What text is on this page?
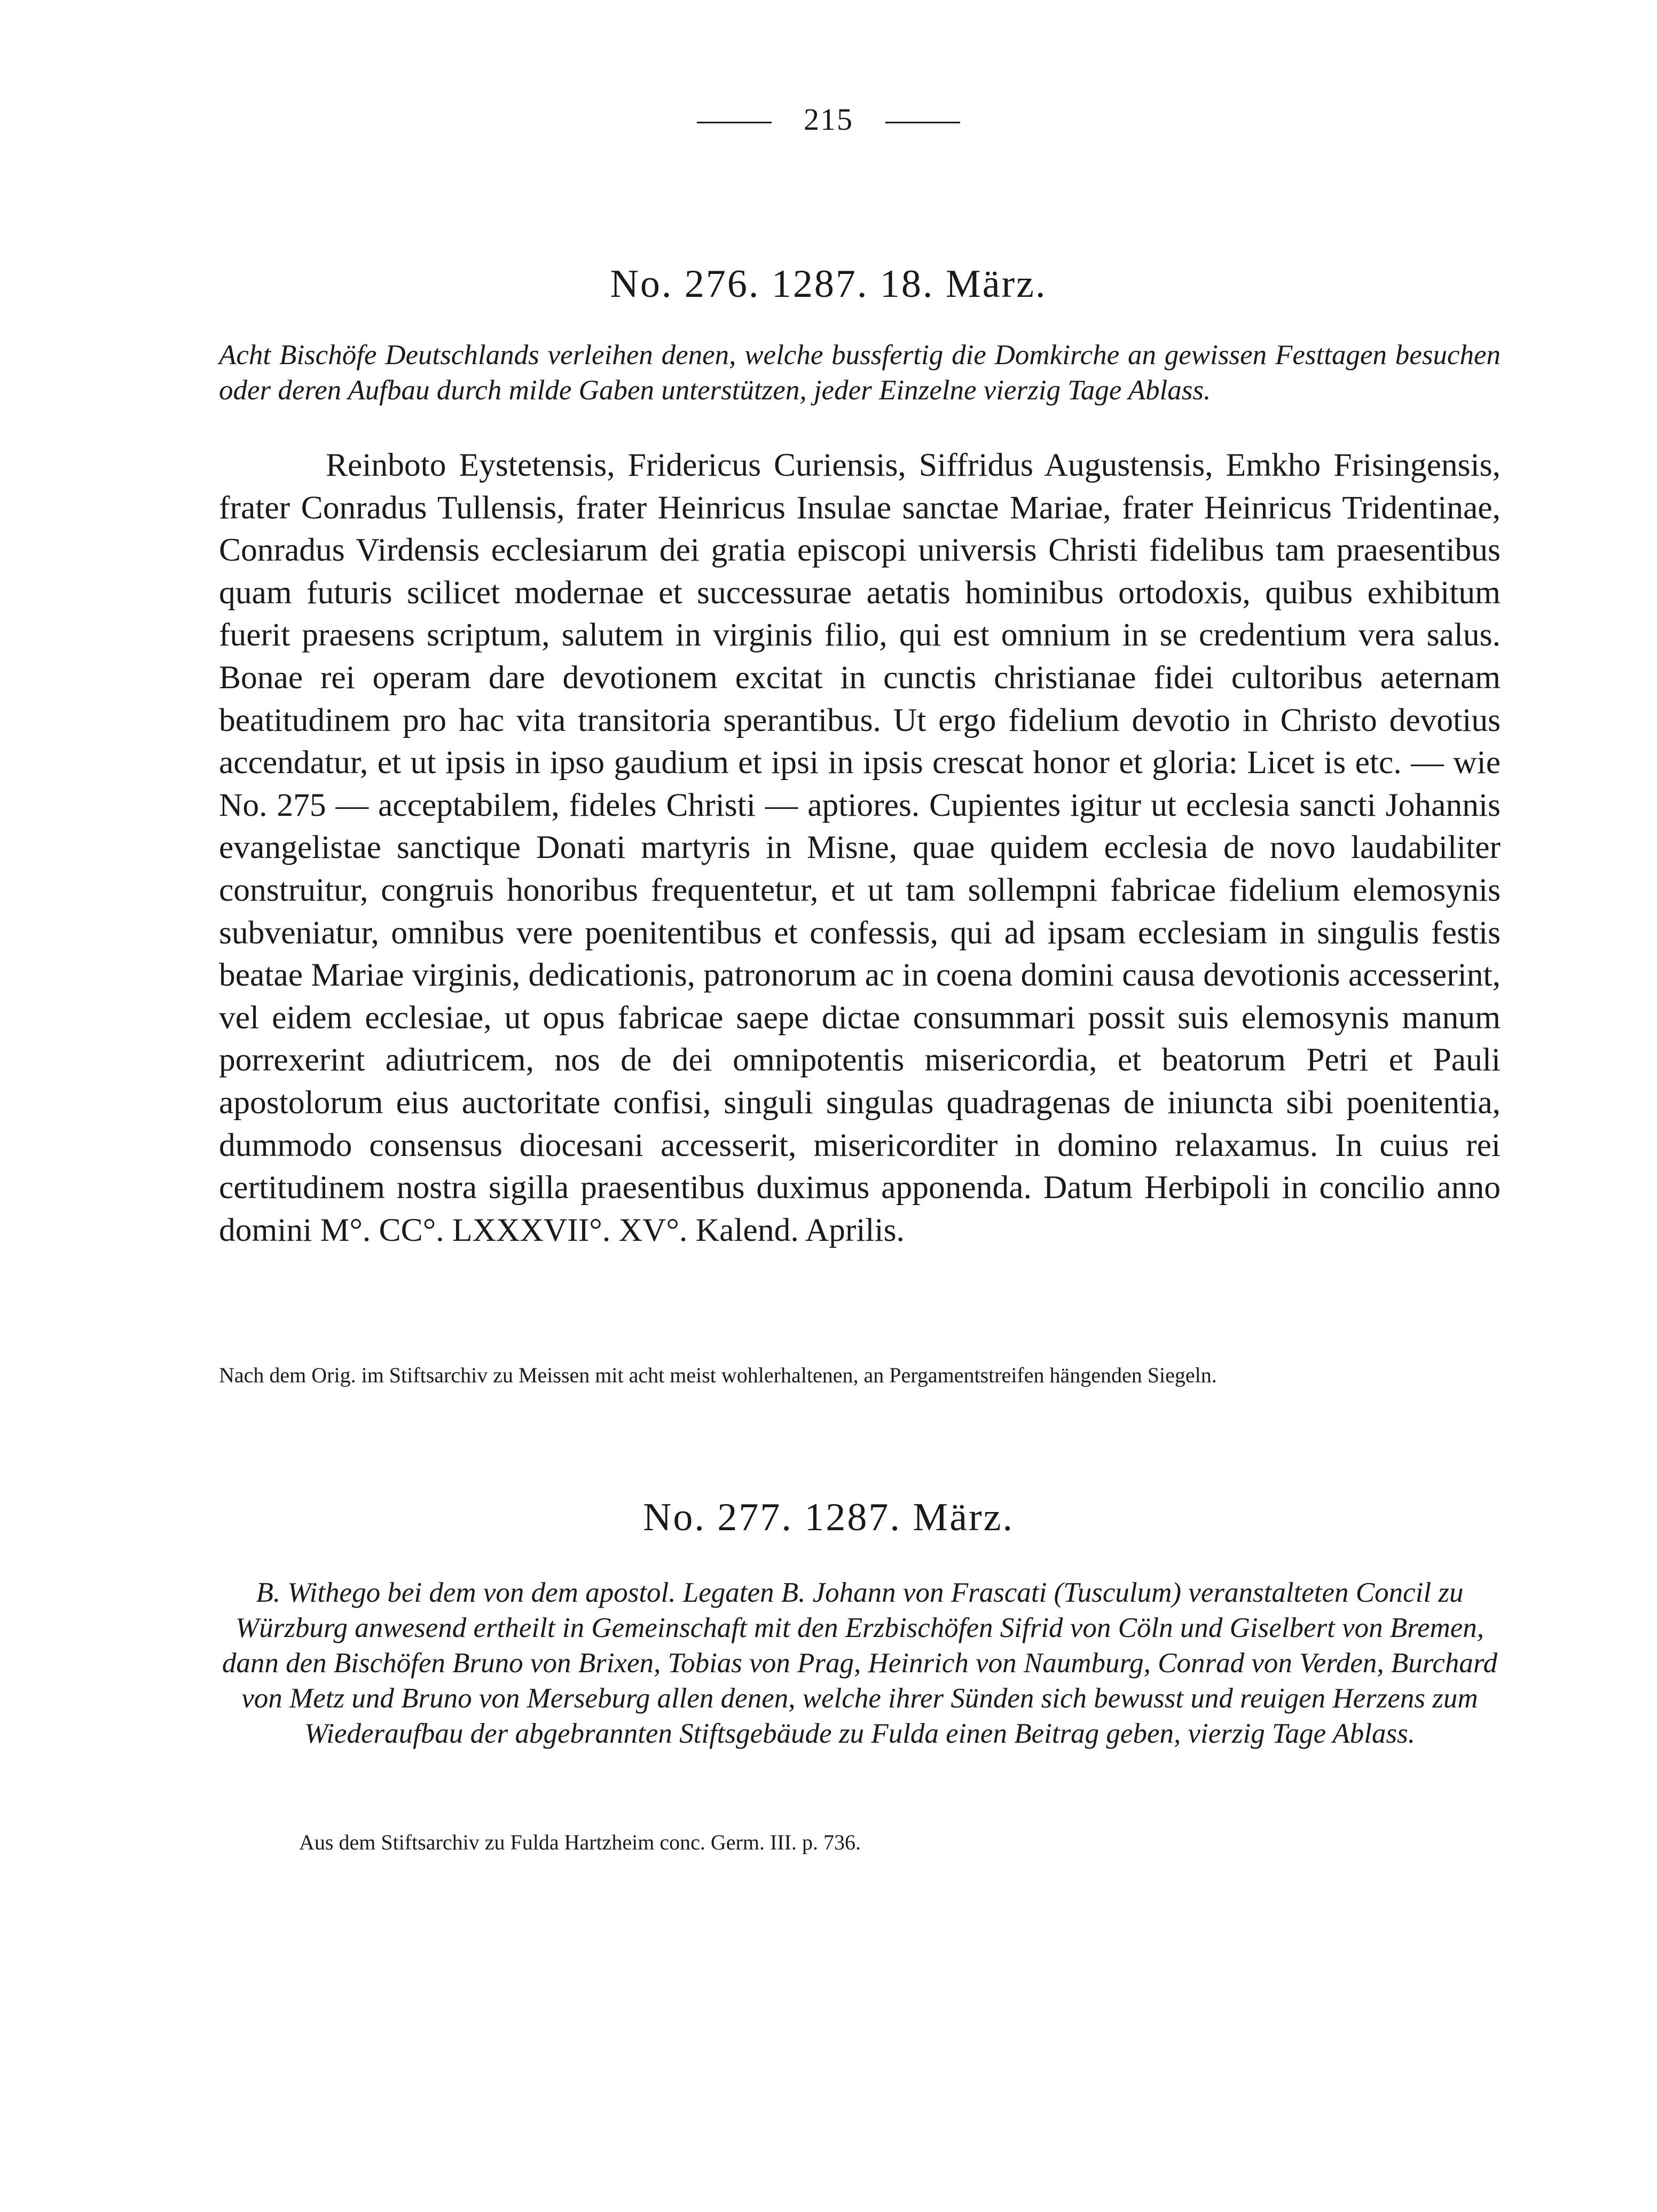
215
No. 276. 1287. 18. März.
Acht Bischöfe Deutschlands verleihen denen, welche bussfertig die Domkirche an gewissen Festtagen besuchen oder deren Aufbau durch milde Gaben unterstützen, jeder Einzelne vierzig Tage Ablass.
Reinboto Eystetensis, Fridericus Curiensis, Siffridus Augustensis, Emkho Frisingensis, frater Conradus Tullensis, frater Heinricus Insulae sanctae Mariae, frater Heinricus Tridentinae, Conradus Virdensis ecclesiarum dei gratia episcopi universis Christi fidelibus tam praesentibus quam futuris scilicet modernae et successurae aetatis hominibus ortodoxis, quibus exhibitum fuerit praesens scriptum, salutem in virginis filio, qui est omnium in se credentium vera salus. Bonae rei operam dare devotionem excitat in cunctis christianae fidei cultoribus aeternam beatitudinem pro hac vita transitoria sperantibus. Ut ergo fidelium devotio in Christo devotius accendatur, et ut ipsis in ipso gaudium et ipsi in ipsis crescat honor et gloria: Licet is etc. — wie No. 275 — acceptabilem, fideles Christi — aptiores. Cupientes igitur ut ecclesia sancti Johannis evangelistae sanctique Donati martyris in Misne, quae quidem ecclesia de novo laudabiliter construitur, congruis honoribus frequentetur, et ut tam sollempni fabricae fidelium elemosynis subveniatur, omnibus vere poenitentibus et confessis, qui ad ipsam ecclesiam in singulis festis beatae Mariae virginis, dedicationis, patronorum ac in coena domini causa devotionis accesserint, vel eidem ecclesiae, ut opus fabricae saepe dictae consummari possit suis elemosynis manum porrexerint adiutricem, nos de dei omnipotentis misericordia, et beatorum Petri et Pauli apostolorum eius auctoritate confisi, singuli singulas quadragenas de iniuncta sibi poenitentia, dummodo consensus diocesani accesserit, misericorditer in domino relaxamus. In cuius rei certitudinem nostra sigilla praesentibus duximus apponenda. Datum Herbipoli in concilio anno domini M°. CC°. LXXXVII°. XV°. Kalend. Aprilis.
Nach dem Orig. im Stiftsarchiv zu Meissen mit acht meist wohlerhaltenen, an Pergamentstreifen hängenden Siegeln.
No. 277. 1287. März.
B. Withego bei dem von dem apostol. Legaten B. Johann von Frascati (Tusculum) veranstalteten Concil zu Würzburg anwesend ertheilt in Gemeinschaft mit den Erzbischöfen Sifrid von Cöln und Giselbert von Bremen, dann den Bischöfen Bruno von Brixen, Tobias von Prag, Heinrich von Naumburg, Conrad von Verden, Burchard von Metz und Bruno von Merseburg allen denen, welche ihrer Sünden sich bewusst und reuigen Herzens zum Wiederaufbau der abgebrannten Stiftsgebäude zu Fulda einen Beitrag geben, vierzig Tage Ablass.
Aus dem Stiftsarchiv zu Fulda Hartzheim conc. Germ. III. p. 736.
